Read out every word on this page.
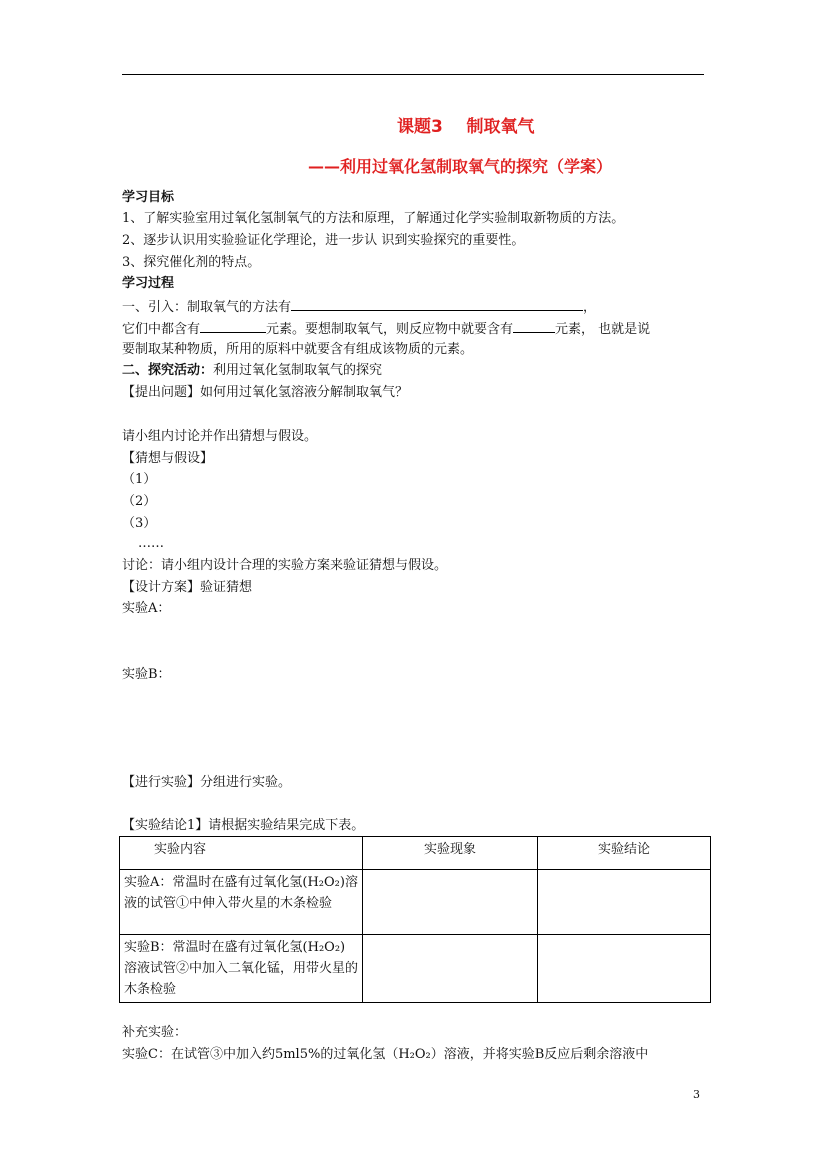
课题3    制取氧气
——利用过氧化氢制取氧气的探究（学案）
学习目标
1、了解实验室用过氧化氢制氧气的方法和原理，了解通过化学实验制取新物质的方法。
2、逐步认识用实验验证化学理论，进一步认 识到实验探究的重要性。
3、探究催化剂的特点。
学习过程
一、引入：制取氧气的方法有	，
它们中都含有	元素。要想制取氧气，则反应物中就要含有	元素， 也就是说
要制取某种物质，所用的原料中就要含有组成该物质的元素。
二、探究活动：利用过氧化氢制取氧气的探究
【提出问题】如何用过氧化氢溶液分解制取氧气？
请小组内讨论并作出猜想与假设。
【猜想与假设】
（1）
（2）
（3）
……
讨论：请小组内设计合理的实验方案来验证猜想与假设。
【设计方案】验证猜想
实验A：
实验B：
【进行实验】分组进行实验。
【实验结论1】请根据实验结果完成下表。
实验内容	实验现象	实验结论
实验A：常温时在盛有过氧化氢(H₂O₂)溶液的试管①中伸入带火星的木条检验		
实验B：常温时在盛有过氧化氢(H₂O₂)溶液试管②中加入二氧化锰，用带火星的木条检验		
补充实验：
实验C：在试管③中加入约5ml5%的过氧化氢（H₂O₂）溶液，并将实验B反应后剩余溶液中
3
